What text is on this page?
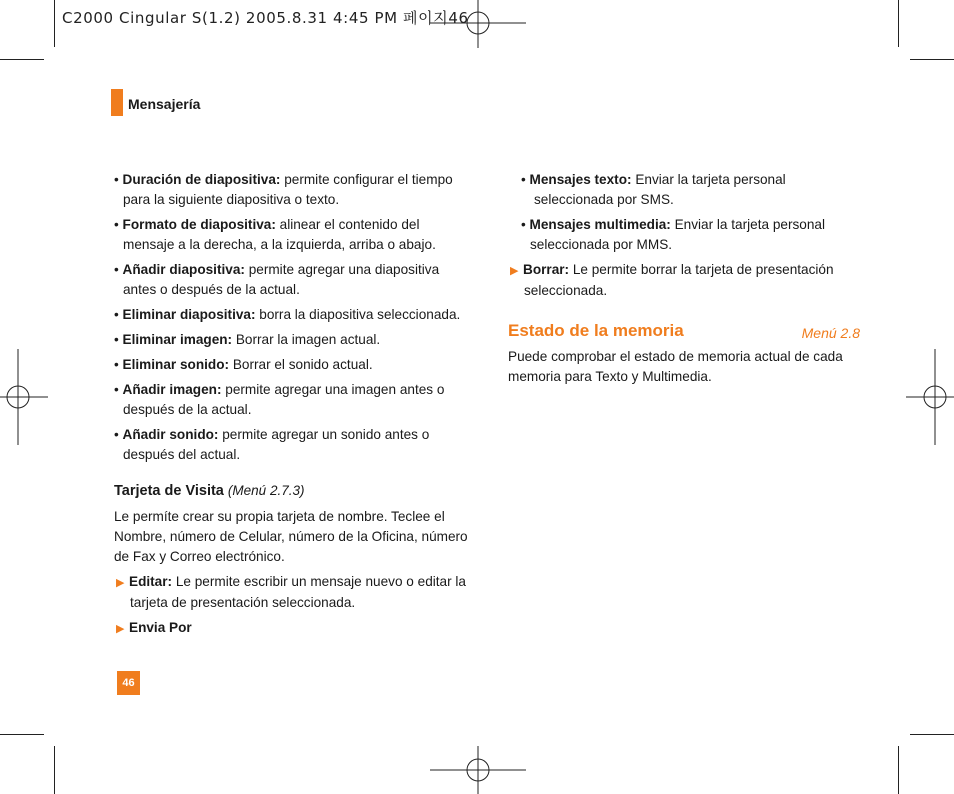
C2000 Cingular S(1.2) 2005.8.31 4:45 PM 페이지46
Mensajería
• Duración de diapositiva: permite configurar el tiempo para la siguiente diapositiva o texto.
• Formato de diapositiva: alinear el contenido del mensaje a la derecha, a la izquierda, arriba o abajo.
• Añadir diapositiva: permite agregar una diapositiva antes o después de la actual.
• Eliminar diapositiva: borra la diapositiva seleccionada.
• Eliminar imagen: Borrar la imagen actual.
• Eliminar sonido: Borrar el sonido actual.
• Añadir imagen: permite agregar una imagen antes o después de la actual.
• Añadir sonido: permite agregar un sonido antes o después del actual.
Tarjeta de Visita (Menú 2.7.3)
Le permíte crear su propia tarjeta de nombre. Teclee el Nombre, número de Celular, número de la Oficina, número de Fax y Correo electrónico.
▶ Editar: Le permite escribir un mensaje nuevo o editar la tarjeta de presentación seleccionada.
▶ Envia Por
• Mensajes texto: Enviar la tarjeta personal seleccionada por SMS.
• Mensajes multimedia: Enviar la tarjeta personal seleccionada por MMS.
▶ Borrar: Le permite borrar la tarjeta de presentación seleccionada.
Estado de la memoria	Menú 2.8
Puede comprobar el estado de memoria actual de cada memoria para Texto y Multimedia.
46
